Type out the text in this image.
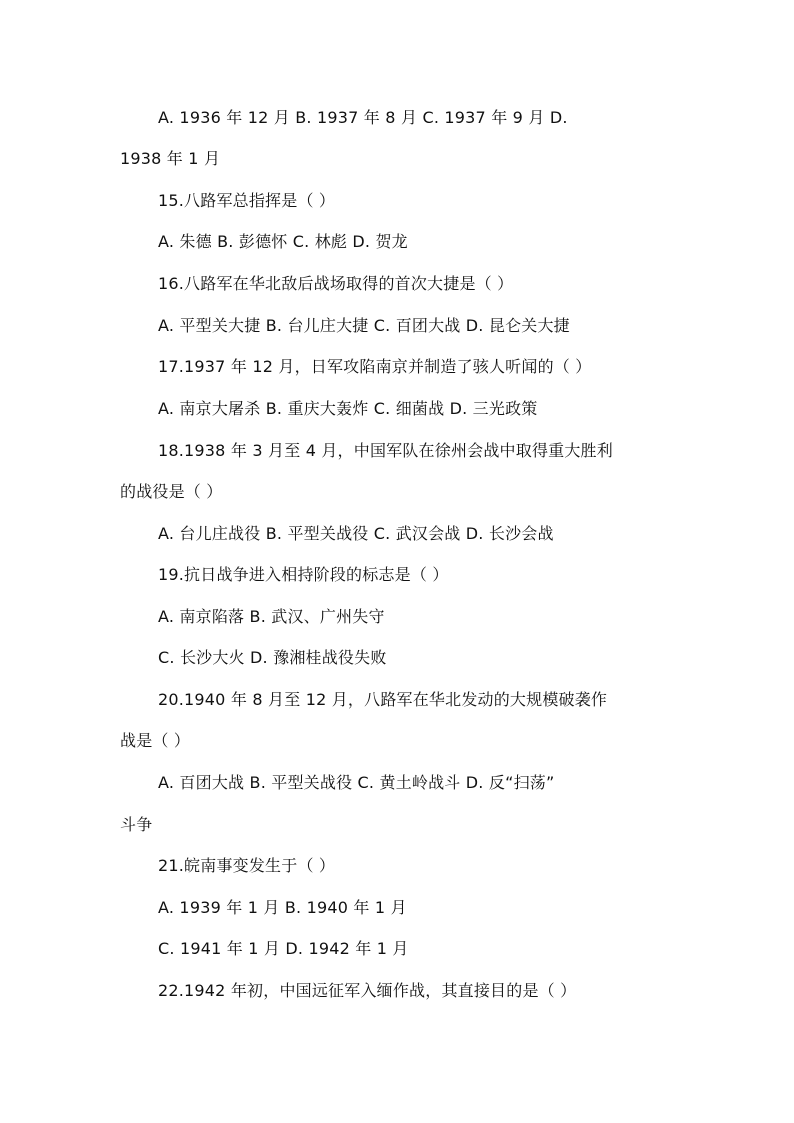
A. 1936 年 12 月 B. 1937 年 8 月 C. 1937 年 9 月 D.
1938 年 1 月
15.八路军总指挥是（ ）
A. 朱德 B. 彭德怀 C. 林彪 D. 贺龙
16.八路军在华北敌后战场取得的首次大捷是（ ）
A. 平型关大捷 B. 台儿庄大捷 C. 百团大战 D. 昆仑关大捷
17.1937 年 12 月，日军攻陷南京并制造了骇人听闻的（ ）
A. 南京大屠杀 B. 重庆大轰炸 C. 细菌战 D. 三光政策
18.1938 年 3 月至 4 月，中国军队在徐州会战中取得重大胜利
的战役是（ ）
A. 台儿庄战役 B. 平型关战役 C. 武汉会战 D. 长沙会战
19.抗日战争进入相持阶段的标志是（ ）
A. 南京陷落 B. 武汉、广州失守
C. 长沙大火 D. 豫湘桂战役失败
20.1940 年 8 月至 12 月，八路军在华北发动的大规模破袭作
战是（ ）
A. 百团大战 B. 平型关战役 C. 黄土岭战斗 D. 反“扫荡”
斗争
21.皖南事变发生于（ ）
A. 1939 年 1 月 B. 1940 年 1 月
C. 1941 年 1 月 D. 1942 年 1 月
22.1942 年初，中国远征军入缅作战，其直接目的是（ ）
